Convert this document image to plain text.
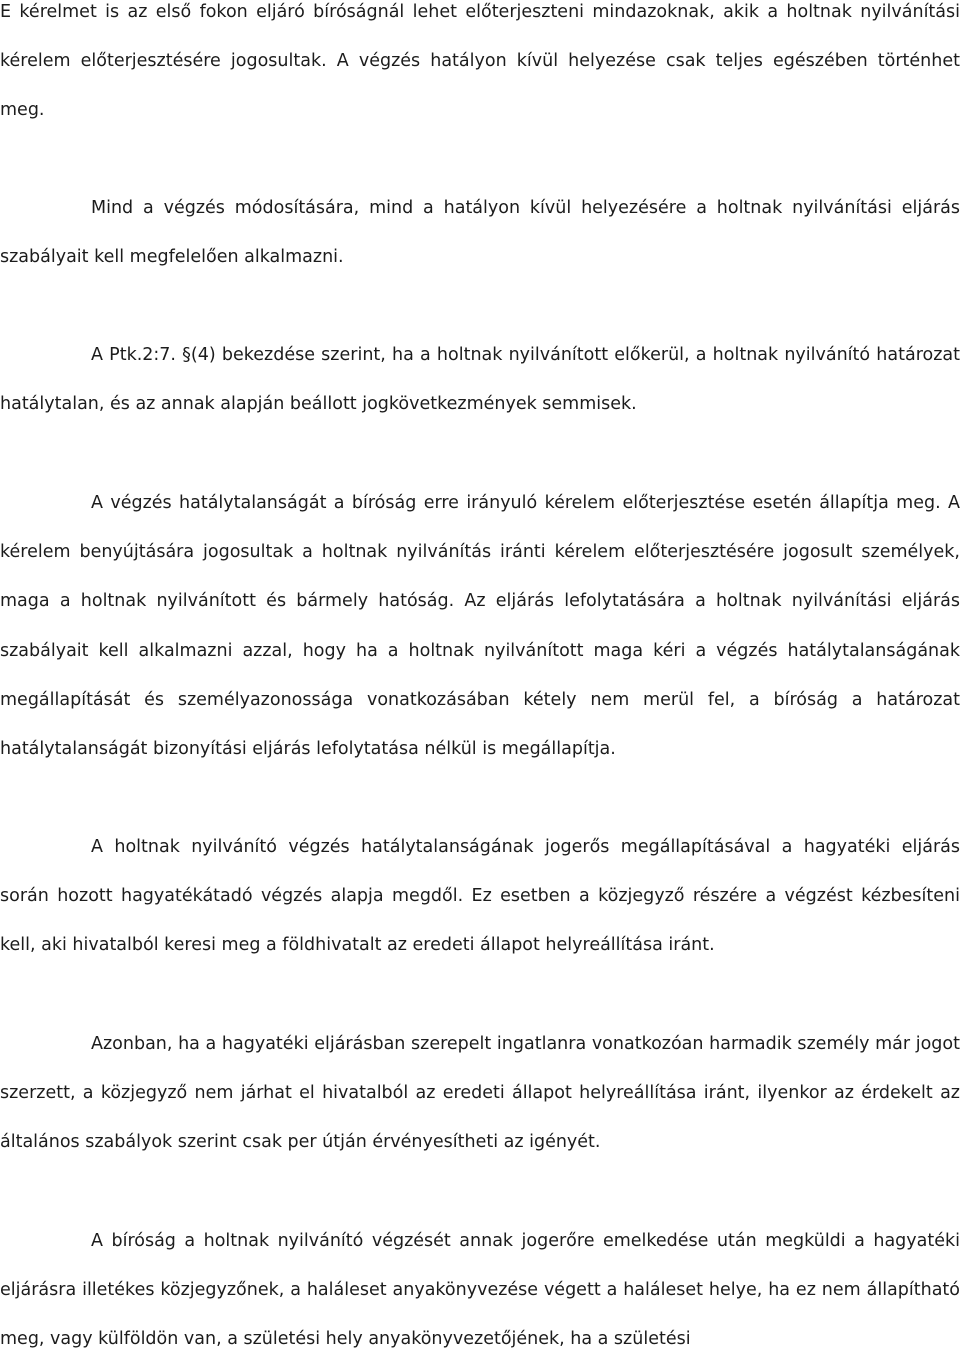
E kérelmet is az első fokon eljáró bíróságnál lehet előterjeszteni mindazoknak, akik a holtnak nyilvánítási kérelem előterjesztésére jogosultak. A végzés hatályon kívül helyezése csak teljes egészében történhet meg.

Mind a végzés módosítására, mind a hatályon kívül helyezésére a holtnak nyilvánítási eljárás szabályait kell megfelelően alkalmazni.

A Ptk.2:7. §(4) bekezdése szerint, ha a holtnak nyilvánított előkerül, a holtnak nyilvánító határozat hatálytalan, és az annak alapján beállott jogkövetkezmények semmisek.

A végzés hatálytalanságát a bíróság erre irányuló kérelem előterjesztése esetén állapítja meg. A kérelem benyújtására jogosultak a holtnak nyilvánítás iránti kérelem előterjesztésére jogosult személyek, maga a holtnak nyilvánított és bármely hatóság. Az eljárás lefolytatására a holtnak nyilvánítási eljárás szabályait kell alkalmazni azzal, hogy ha a holtnak nyilvánított maga kéri a végzés hatálytalanságának megállapítását és személyazonossága vonatkozásában kétely nem merül fel, a bíróság a határozat hatálytalanságát bizonyítási eljárás lefolytatása nélkül is megállapítja.

A holtnak nyilvánító végzés hatálytalanságának jogerős megállapításával a hagyatéki eljárás során hozott hagyatékátadó végzés alapja megdől. Ez esetben a közjegyző részére a végzést kézbesíteni kell, aki hivatalból keresi meg a földhivatalt az eredeti állapot helyreállítása iránt.

Azonban, ha a hagyatéki eljárásban szerepelt ingatlanra vonatkozóan harmadik személy már jogot szerzett, a közjegyző nem járhat el hivatalból az eredeti állapot helyreállítása iránt, ilyenkor az érdekelt az általános szabályok szerint csak per útján érvényesítheti az igényét.

A bíróság a holtnak nyilvánító végzését annak jogerőre emelkedése után megküldi a hagyatéki eljárásra illetékes közjegyzőnek, a haláleset anyakönyvezése végett a haláleset helye, ha ez nem állapítható meg, vagy külföldön van, a születési hely anyakönyvezetőjének, ha a születési
